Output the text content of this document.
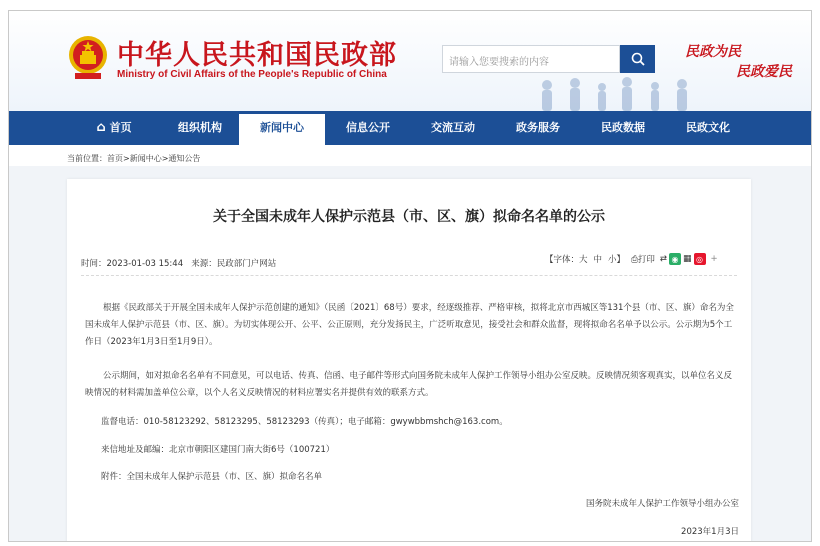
中华人民共和国民政部
Ministry of Civil Affairs of the People's Republic of China
请输入您要搜索的内容
民政为民
民政爱民
⌂ 首页	组织机构	新闻中心	信息公开	交流互动	政务服务	民政数据	民政文化
当前位置：首页>新闻中心>通知公告
关于全国未成年人保护示范县（市、区、旗）拟命名名单的公示
时间：2023-01-03 15:44 来源：民政部门户网站	【字体： 大 中 小】 ⎙打印 ⇄ ◉ ▦ ◎ +
根据《民政部关于开展全国未成年人保护示范创建的通知》（民函〔2021〕68号）要求，经逐级推荐、严格审核，拟将北京市西城区等131个县（市、区、旗）命名为全国未成年人保护示范县（市、区、旗）。为切实体现公开、公平、公正原则，充分发扬民主，广泛听取意见，接受社会和群众监督，现将拟命名名单予以公示。公示期为5个工作日（2023年1月3日至1月9日）。
公示期间，如对拟命名名单有不同意见，可以电话、传真、信函、电子邮件等形式向国务院未成年人保护工作领导小组办公室反映。反映情况须客观真实，以单位名义反映情况的材料需加盖单位公章，以个人名义反映情况的材料应署实名并提供有效的联系方式。
监督电话：010-58123292、58123295、58123293（传真）；电子邮箱：gwywbbmshch@163.com。
来信地址及邮编：北京市朝阳区建国门南大街6号（100721）
附件：全国未成年人保护示范县（市、区、旗）拟命名名单
国务院未成年人保护工作领导小组办公室
2023年1月3日
